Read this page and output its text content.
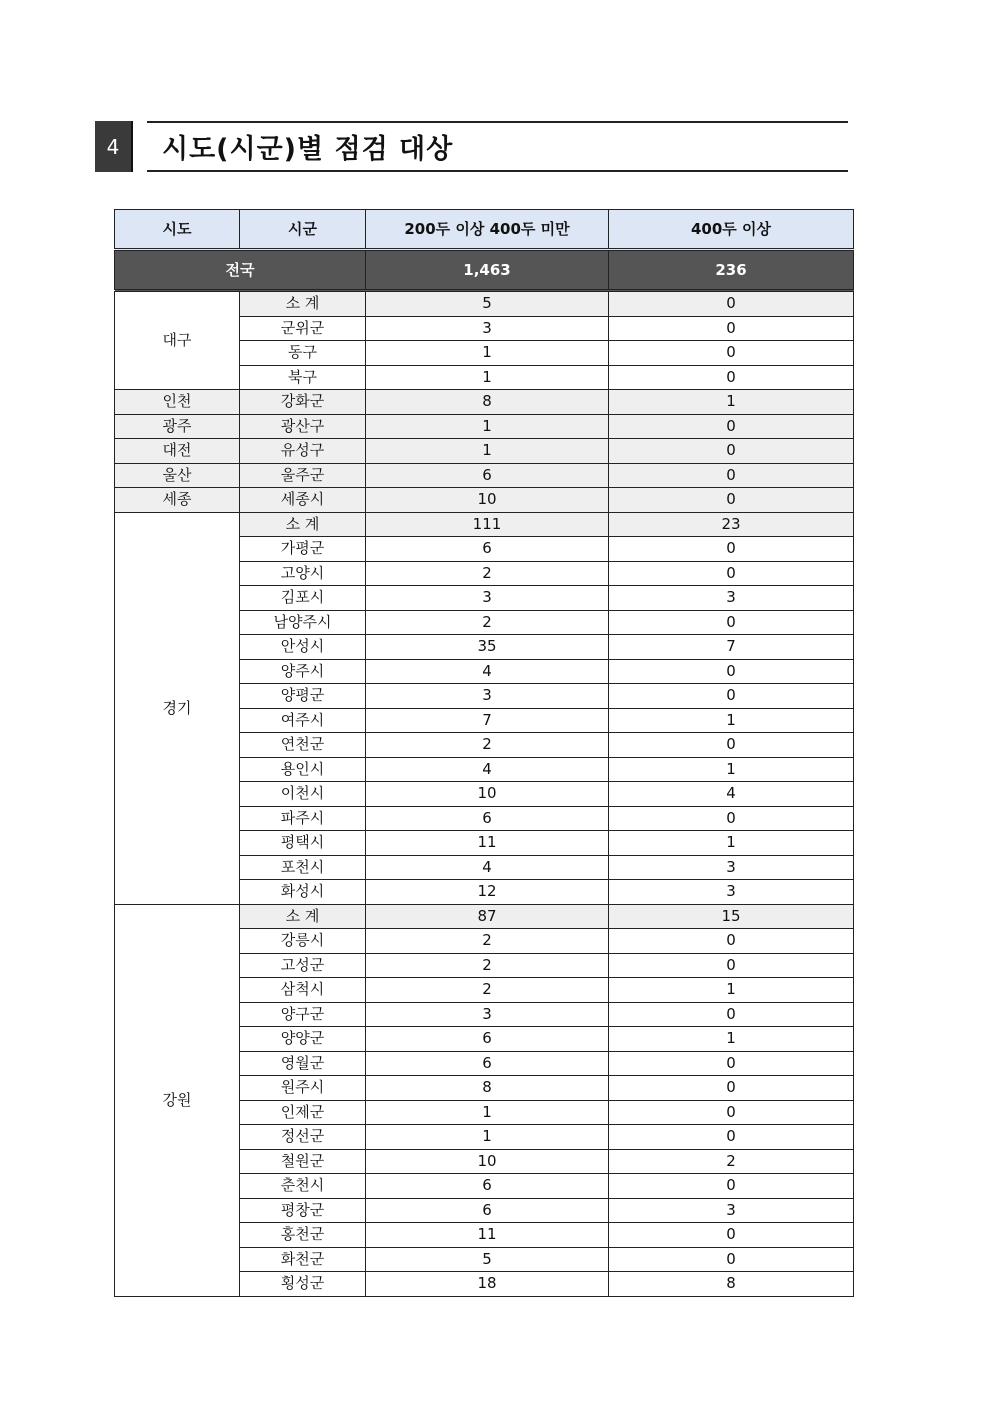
4	시도(시군)별 점검 대상
시도	시군	200두 이상 400두 미만	400두 이상
전국		1,463	236
대구	소 계	5	0
	군위군	3	0
	동구	1	0
	북구	1	0
인천	강화군	8	1
광주	광산구	1	0
대전	유성구	1	0
울산	울주군	6	0
세종	세종시	10	0
경기	소 계	111	23
	가평군	6	0
	고양시	2	0
	김포시	3	3
	남양주시	2	0
	안성시	35	7
	양주시	4	0
	양평군	3	0
	여주시	7	1
	연천군	2	0
	용인시	4	1
	이천시	10	4
	파주시	6	0
	평택시	11	1
	포천시	4	3
	화성시	12	3
강원	소 계	87	15
	강릉시	2	0
	고성군	2	0
	삼척시	2	1
	양구군	3	0
	양양군	6	1
	영월군	6	0
	원주시	8	0
	인제군	1	0
	정선군	1	0
	철원군	10	2
	춘천시	6	0
	평창군	6	3
	홍천군	11	0
	화천군	5	0
	횡성군	18	8
